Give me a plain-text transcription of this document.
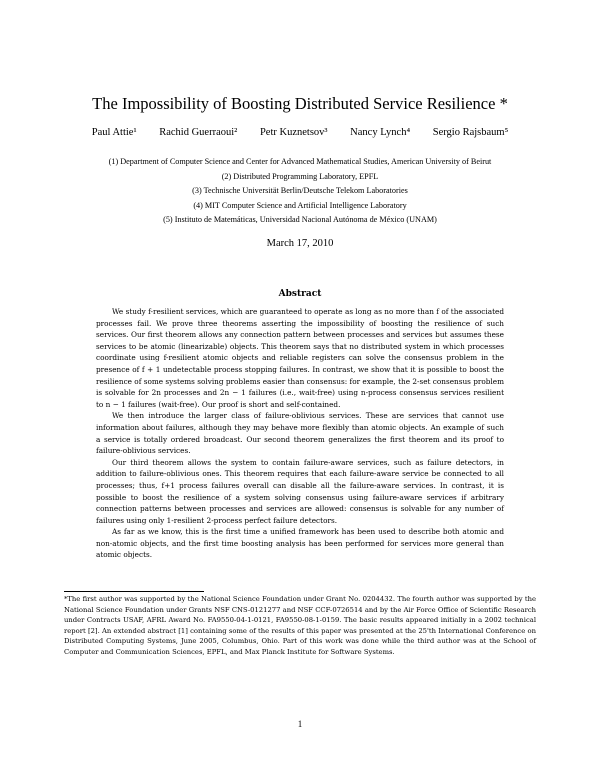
The Impossibility of Boosting Distributed Service Resilience *
Paul Attie¹ Rachid Guerraoui² Petr Kuznetsov³ Nancy Lynch⁴ Sergio Rajsbaum⁵
(1) Department of Computer Science and Center for Advanced Mathematical Studies, American University of Beirut
(2) Distributed Programming Laboratory, EPFL
(3) Technische Universität Berlin/Deutsche Telekom Laboratories
(4) MIT Computer Science and Artificial Intelligence Laboratory
(5) Instituto de Matemáticas, Universidad Nacional Autónoma de México (UNAM)
March 17, 2010
Abstract

We study f-resilient services, which are guaranteed to operate as long as no more than f of the associated processes fail. We prove three theorems asserting the impossibility of boosting the resilience of such services. Our first theorem allows any connection pattern between processes and services but assumes these services to be atomic (linearizable) objects. This theorem says that no distributed system in which processes coordinate using f-resilient atomic objects and reliable registers can solve the consensus problem in the presence of f + 1 undetectable process stopping failures. In contrast, we show that it is possible to boost the resilience of some systems solving problems easier than consensus: for example, the 2-set consensus problem is solvable for 2n processes and 2n − 1 failures (i.e., wait-free) using n-process consensus services resilient to n − 1 failures (wait-free). Our proof is short and self-contained.

We then introduce the larger class of failure-oblivious services. These are services that cannot use information about failures, although they may behave more flexibly than atomic objects. An example of such a service is totally ordered broadcast. Our second theorem generalizes the first theorem and its proof to failure-oblivious services.

Our third theorem allows the system to contain failure-aware services, such as failure detectors, in addition to failure-oblivious ones. This theorem requires that each failure-aware service be connected to all processes; thus, f+1 process failures overall can disable all the failure-aware services. In contrast, it is possible to boost the resilience of a system solving consensus using failure-aware services if arbitrary connection patterns between processes and services are allowed: consensus is solvable for any number of failures using only 1-resilient 2-process perfect failure detectors.

As far as we know, this is the first time a unified framework has been used to describe both atomic and non-atomic objects, and the first time boosting analysis has been performed for services more general than atomic objects.

*The first author was supported by the National Science Foundation under Grant No. 0204432. The fourth author was supported by the National Science Foundation under Grants NSF CNS-0121277 and NSF CCF-0726514 and by the Air Force Office of Scientific Research under Contracts USAF, AFRL Award No. FA9550-04-1-0121, FA9550-08-1-0159. The basic results appeared initially in a 2002 technical report [2]. An extended abstract [1] containing some of the results of this paper was presented at the 25'th International Conference on Distributed Computing Systems, June 2005, Columbus, Ohio. Part of this work was done while the third author was at the School of Computer and Communication Sciences, EPFL, and Max Planck Institute for Software Systems.
1
